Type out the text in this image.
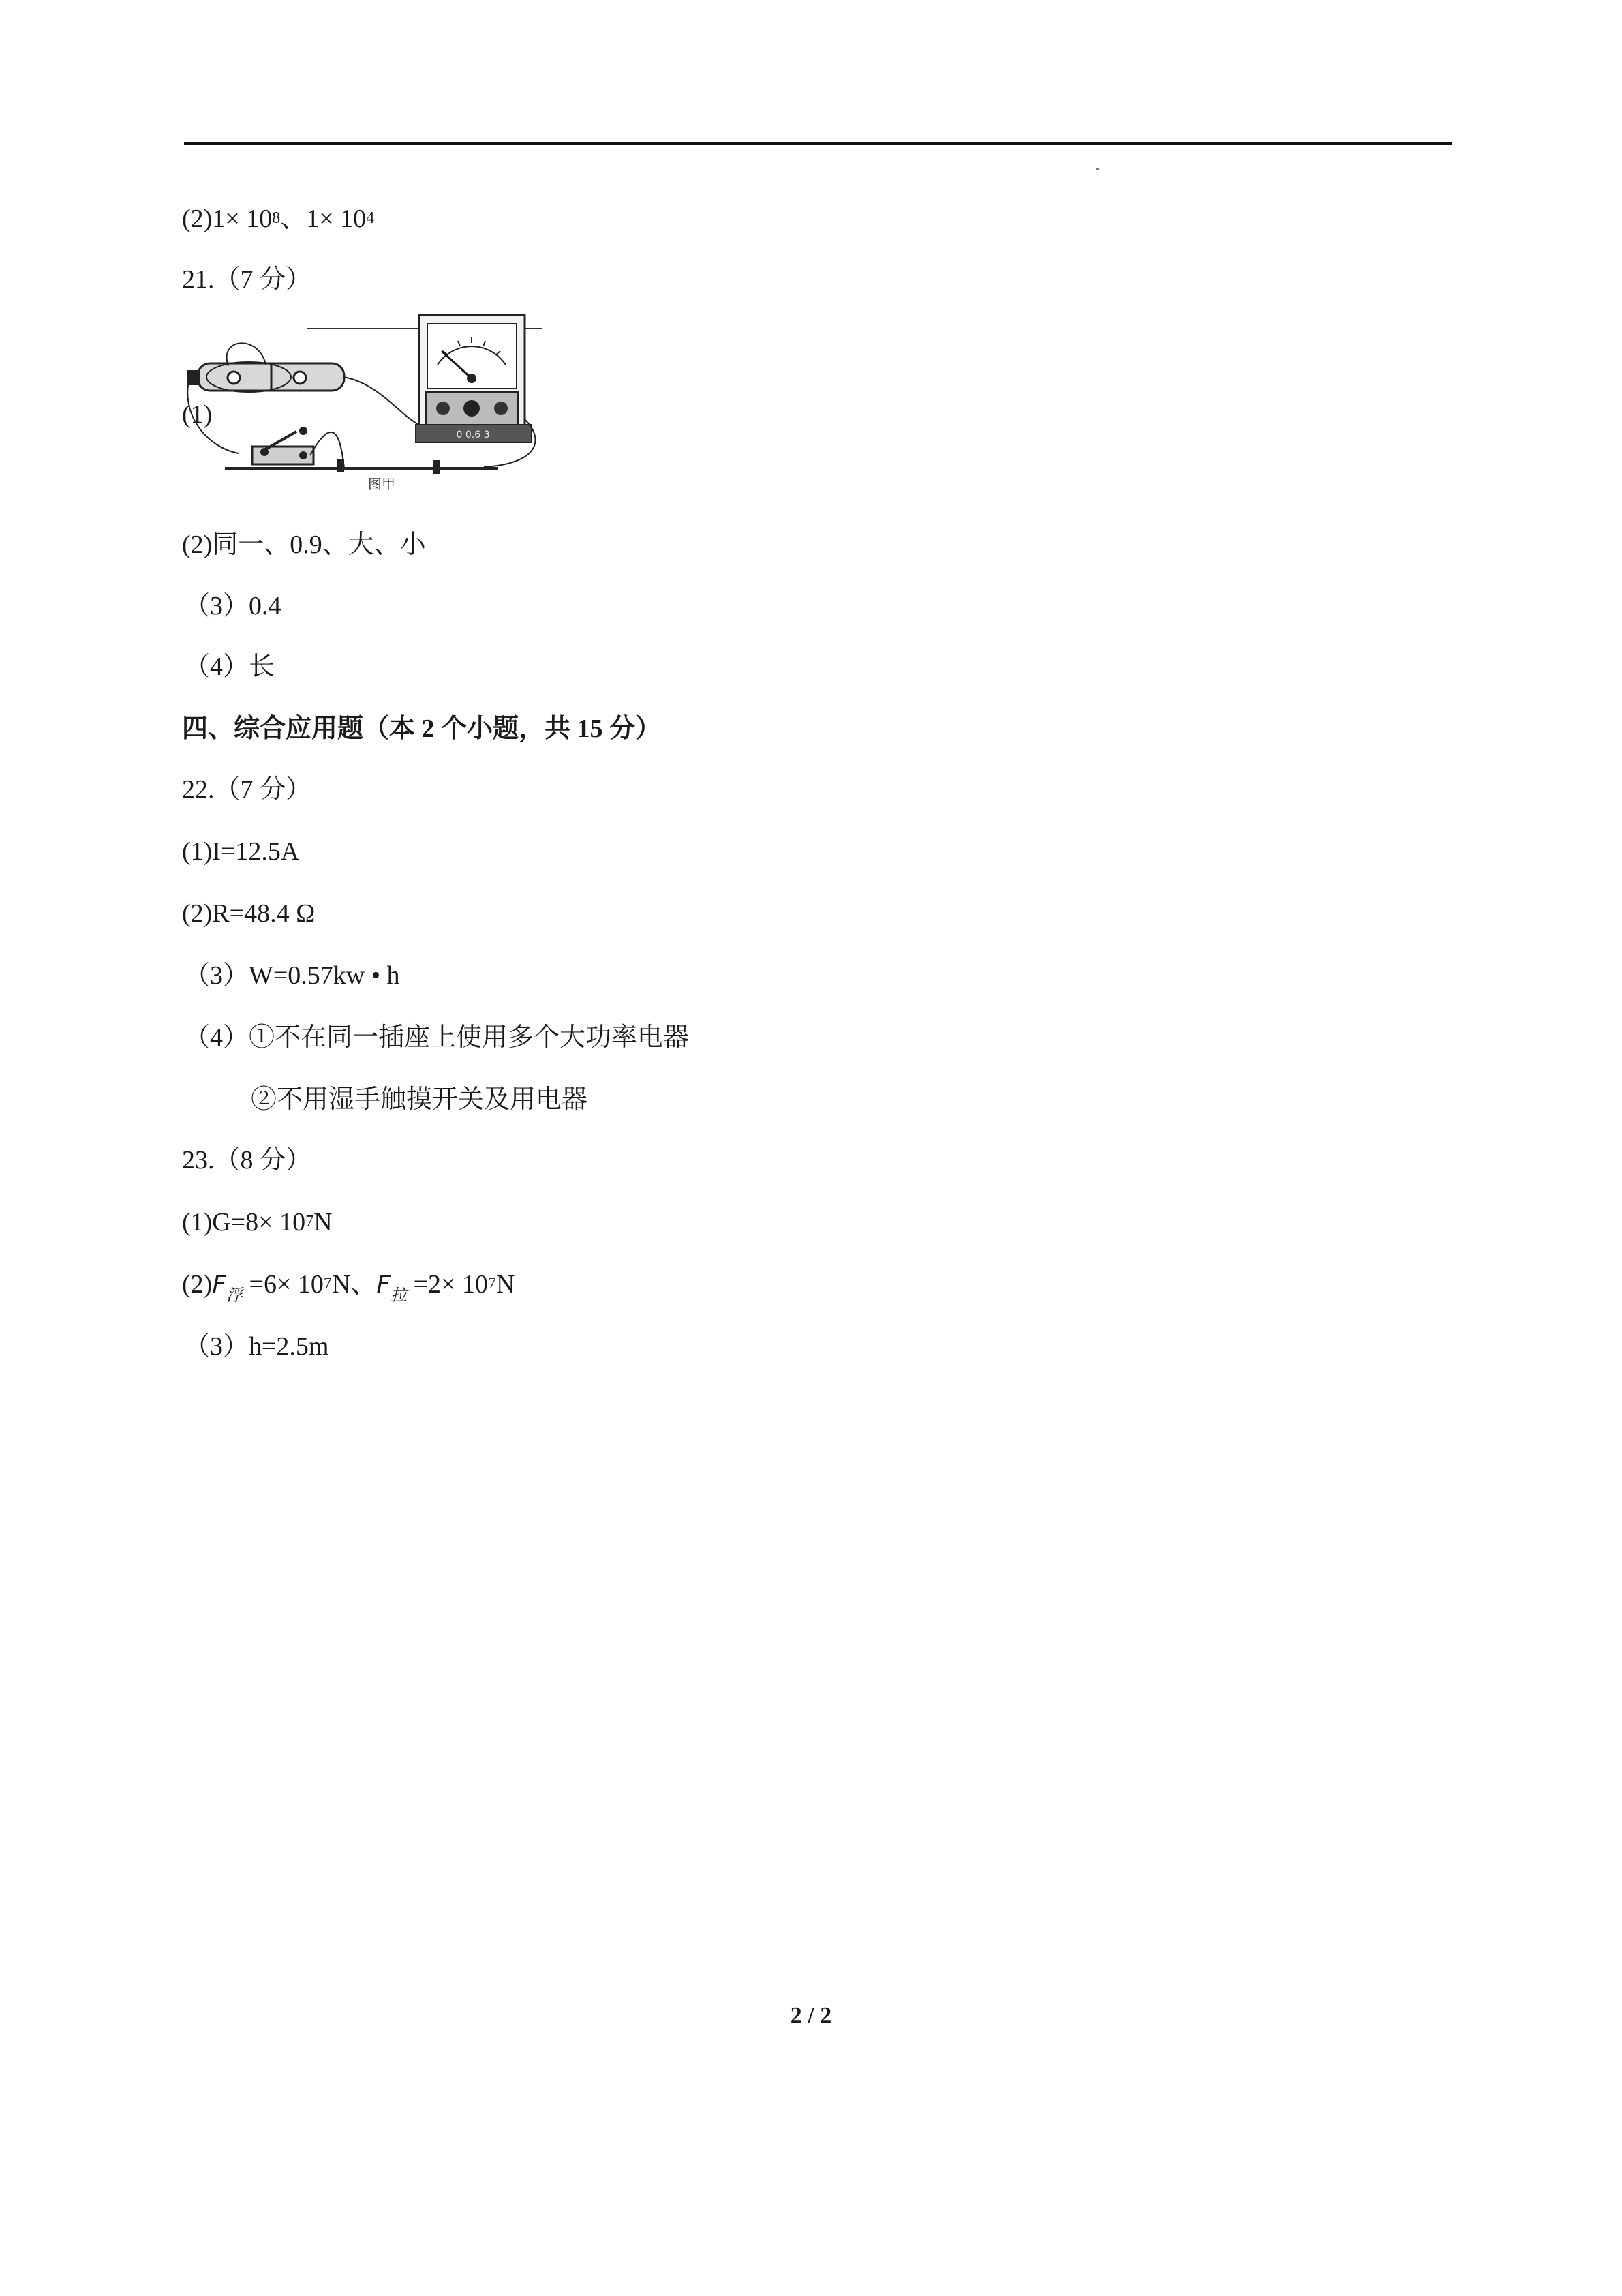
$(2)1\times 10^8$、$1\times 10^4$
21.（7 分）
(1)
0 0.6 3
图甲
(2)同一、0.9、大、小
（3）0.4
（4）长
四、综合应用题（本 2 个小题，共 15 分）
22.（7 分）
(1)I=12.5A
(2)R=48.4 Ω
（3）W=0.57kw • h
（4）①不在同一插座上使用多个大功率电器
②不用湿手触摸开关及用电器
23.（8 分）
$(1)G=8\times 10^7N$
$(2)F_浮 =6\times 10^7N$、$F_拉 =2\times 10^7N$
（3）h=2.5m
2 / 2
